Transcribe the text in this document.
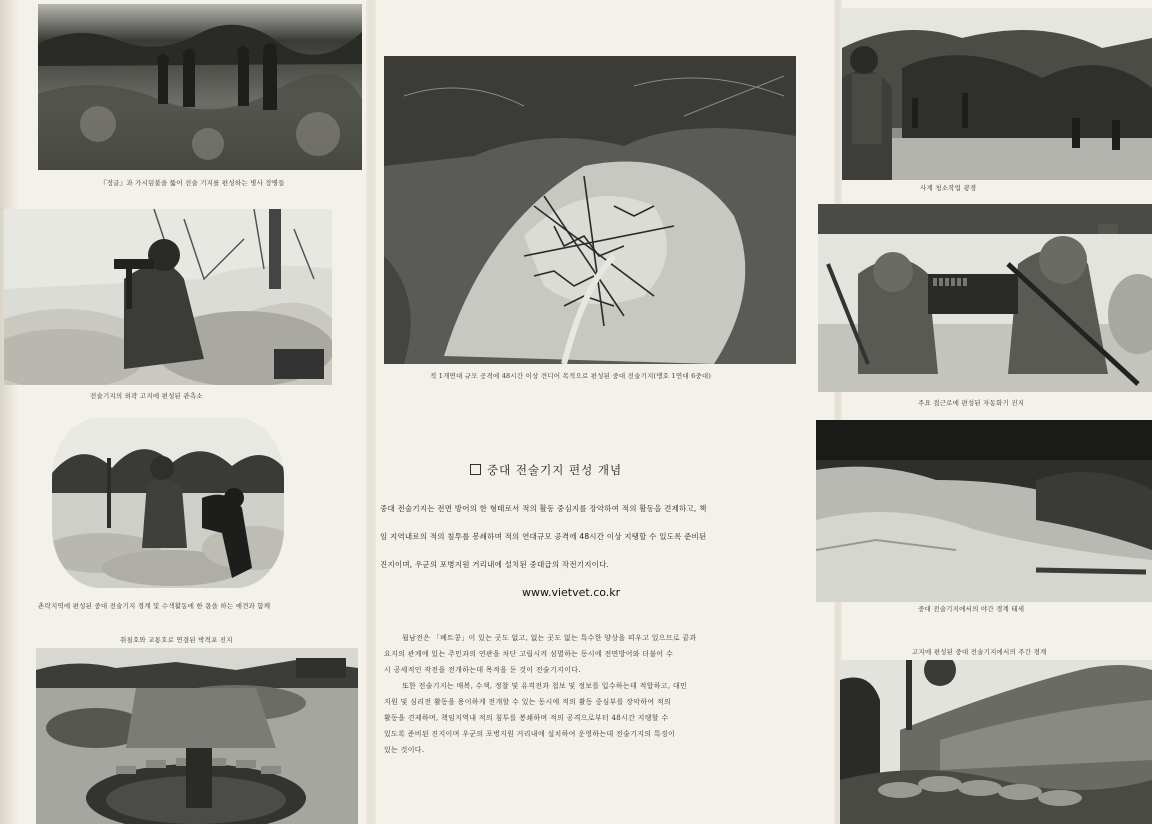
『정글』과 가시덤불을 뚫어 전술 기지를 편성하는 병사 장병들
전술기지의 외곽 고지에 편성된 관측소
촌락지역에 편성된 중대 전술기지 경계 및 수색활동에 한 몫을 하는 애견과 함께
취침호와 교통호로 연결된 박격포 진지
적 1개연대 규모 공격에 48시간 이상 견디어 목적으로 편성된 중대 전술기지(맹호 1연대 6중대)
중대 전술기지 편성 개념

중대 전술기지는 전면 방어의 한 형태로서 적의 활동 중심지를 장악하여 적의 활동을 견제하고, 책

임 지역내로의 적의 침투를 봉쇄하며 적의 연대규모 공격에 48시간 이상 지탱할 수 있도록 준비된

진지이며, 우군의 포병지원 거리내에 설치된 중대급의 작전기지이다.

www.vietvet.co.kr

월남전은 「베트콩」이 있는 곳도 없고, 없는 곳도 없는 특수한 양상을 띠우고 있으므로 끝과

요지의 관계에 있는 주민과의 연관을 차단 고립시켜 섬멸하는 동시에 전면방어와 더불어 수

시 공세적인 작전을 전개하는데 목적을 둔 것이 전술기지이다.

또한 전술기지는 매복, 수색, 정찰 및 유격전과 첩보 및 정보를 입수하는데 적합하고, 대민

지원 및 심리전 활동을 용이하게 전개할 수 있는 동시에 적의 활동 중심부를 장악하여 적의

활동을 견제하며, 책임지역내 적의 침투를 봉쇄하며 적의 공격으로부터 48시간 지탱할 수

있도록 준비된 진지이며 우군의 포병지원 거리내에 설치하여 운영하는데 전술기지의 특징이

있는 것이다.

사계 청소작업 광경
주요 접근로에 편성된 자동화기 진지
중대 전술기지에서의 야간 경계 태세
고지에 편성된 중대 전술기지에서의 주간 경계
